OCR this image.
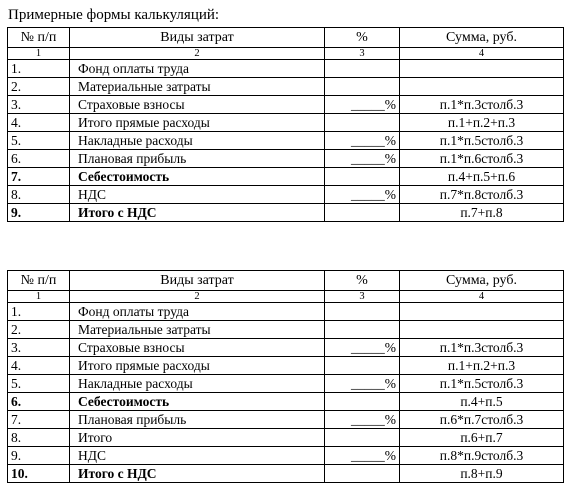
Примерные формы калькуляций:
№ п/п	Виды затрат	%	Сумма, руб.
1	2	3	4
1.	Фонд оплаты труда		
2.	Материальные затраты		
3.	Страховые взносы	_____%	п.1*п.3столб.3
4.	Итого прямые расходы		п.1+п.2+п.3
5.	Накладные расходы	_____%	п.1*п.5столб.3
6.	Плановая прибыль	_____%	п.1*п.6столб.3
7.	Себестоимость		п.4+п.5+п.6
8.	НДС	_____%	п.7*п.8столб.3
9.	Итого с НДС		п.7+п.8
№ п/п	Виды затрат	%	Сумма, руб.
1	2	3	4
1.	Фонд оплаты труда		
2.	Материальные затраты		
3.	Страховые взносы	_____%	п.1*п.3столб.3
4.	Итого прямые расходы		п.1+п.2+п.3
5.	Накладные расходы	_____%	п.1*п.5столб.3
6.	Себестоимость		п.4+п.5
7.	Плановая прибыль	_____%	п.6*п.7столб.3
8.	Итого		п.6+п.7
9.	НДС	_____%	п.8*п.9столб.3
10.	Итого с НДС		п.8+п.9
